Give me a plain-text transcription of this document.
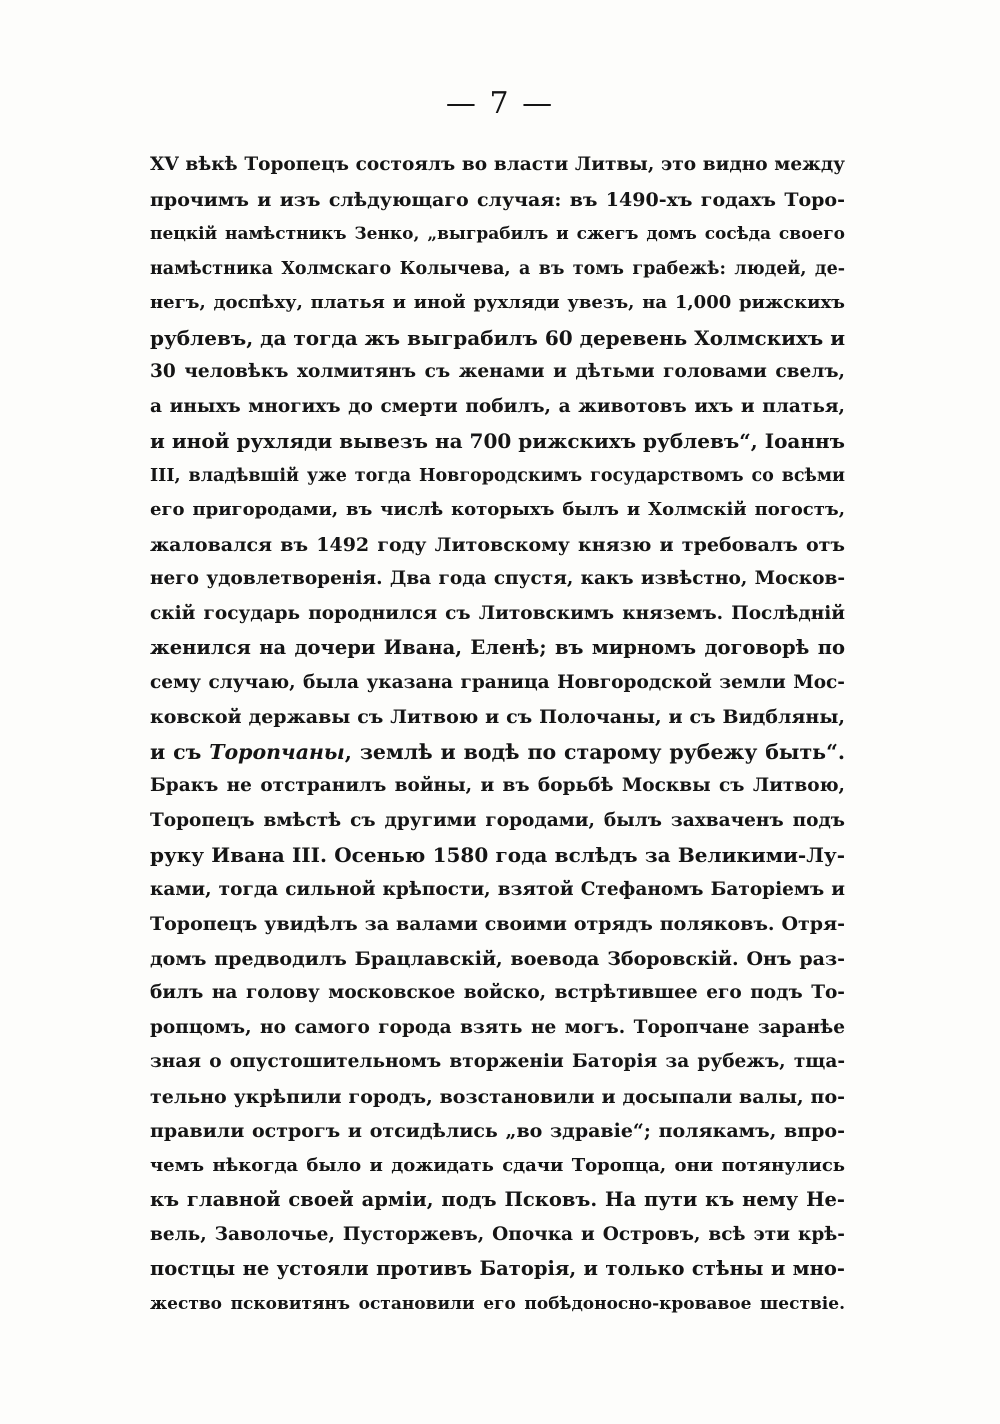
— 7 —
XV вѣкѣ Торопецъ состоялъ во власти Литвы, это видно между
прочимъ и изъ слѣдующаго случая: въ 1490-хъ годахъ Торо-
пецкій намѣстникъ Зенко, „выграбилъ и сжегъ домъ сосѣда своего
намѣстника Холмскаго Колычева, а въ томъ грабежѣ: людей, де-
негъ, доспѣху, платья и иной рухляди увезъ, на 1,000 рижскихъ
рублевъ, да тогда жъ выграбилъ 60 деревень Холмскихъ и
30 человѣкъ холмитянъ съ женами и дѣтьми головами свелъ,
а иныхъ многихъ до смерти побилъ, а животовъ ихъ и платья,
и иной рухляди вывезъ на 700 рижскихъ рублевъ“, Іоаннъ
III, владѣвшій уже тогда Новгородскимъ государствомъ со всѣми
его пригородами, въ числѣ которыхъ былъ и Холмскій погостъ,
жаловался въ 1492 году Литовскому князю и требовалъ отъ
него удовлетворенія. Два года спустя, какъ извѣстно, Москов-
скій государь породнился съ Литовскимъ княземъ. Послѣдній
женился на дочери Ивана, Еленѣ; въ мирномъ договорѣ по
сему случаю, была указана граница Новгородской земли Мос-
ковской державы съ Литвою и съ Полочаны, и съ Видбляны,
и съ Торопчаны, землѣ и водѣ по старому рубежу быть“.
Бракъ не отстранилъ войны, и въ борьбѣ Москвы съ Литвою,
Торопецъ вмѣстѣ съ другими городами, былъ захваченъ подъ
руку Ивана III. Осенью 1580 года вслѣдъ за Великими-Лу-
ками, тогда сильной крѣпости, взятой Стефаномъ Баторіемъ и
Торопецъ увидѣлъ за валами своими отрядъ поляковъ. Отря-
домъ предводилъ Брацлавскій, воевода Зборовскій. Онъ раз-
билъ на голову московское войско, встрѣтившее его подъ То-
ропцомъ, но самого города взять не могъ. Торопчане заранѣе
зная о опустошительномъ вторженіи Баторія за рубежъ, тща-
тельно укрѣпили городъ, возстановили и досыпали валы, по-
правили острогъ и отсидѣлись „во здравіе“; полякамъ, впро-
чемъ нѣкогда было и дожидать сдачи Торопца, они потянулись
къ главной своей арміи, подъ Псковъ. На пути къ нему Не-
вель, Заволочье, Пусторжевъ, Опочка и Островъ, всѣ эти крѣ-
постцы не устояли противъ Баторія, и только стѣны и мно-
жество псковитянъ остановили его побѣдоносно-кровавое шествіе.
